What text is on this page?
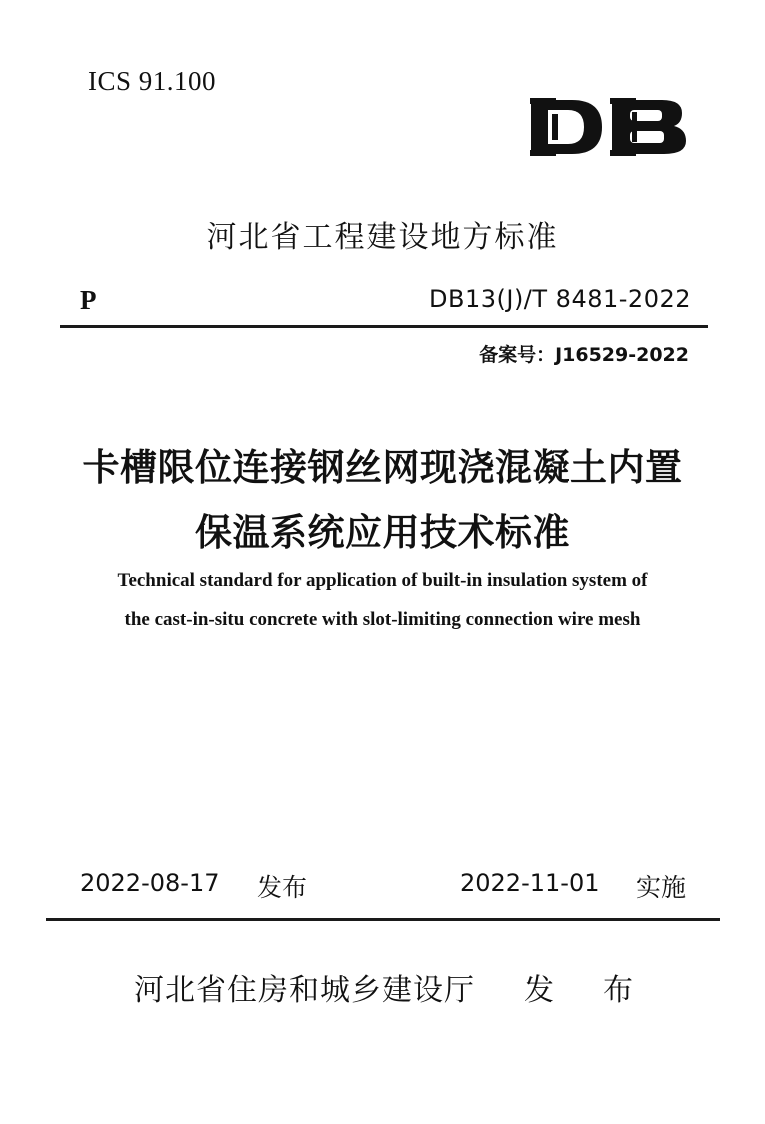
ICS 91.100
河北省工程建设地方标准
P	DB13(J)/T 8481-2022
备案号：J16529-2022
卡槽限位连接钢丝网现浇混凝土内置
保温系统应用技术标准
Technical standard for application of built-in insulation system of
the cast-in-situ concrete with slot-limiting connection wire mesh
2022-08-17 发布	2022-11-01 实施
河北省住房和城乡建设厅 发 布
